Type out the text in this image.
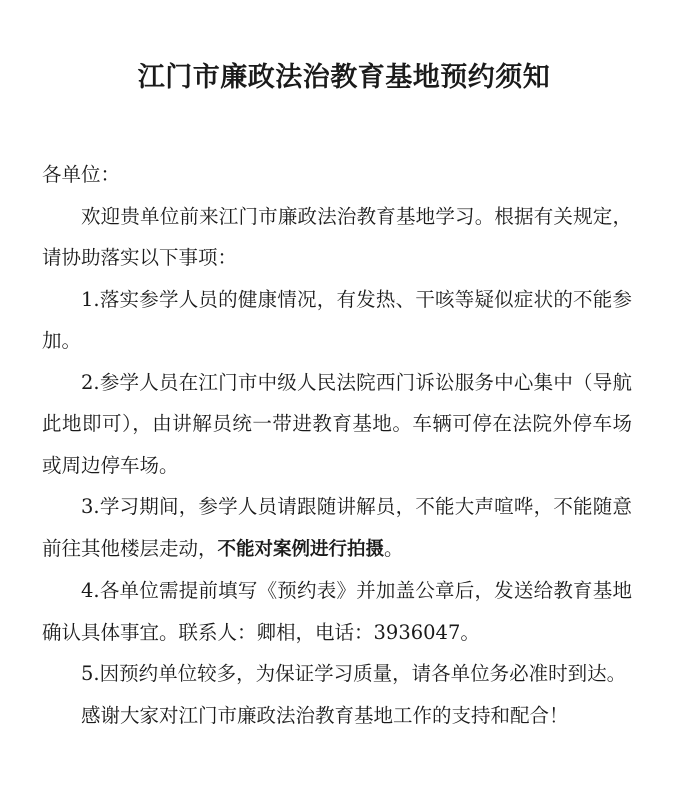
江门市廉政法治教育基地预约须知

各单位：

欢迎贵单位前来江门市廉政法治教育基地学习。根据有关规定，请协助落实以下事项：

1.落实参学人员的健康情况，有发热、干咳等疑似症状的不能参加。

2.参学人员在江门市中级人民法院西门诉讼服务中心集中（导航此地即可），由讲解员统一带进教育基地。车辆可停在法院外停车场或周边停车场。

3.学习期间，参学人员请跟随讲解员，不能大声喧哗，不能随意前往其他楼层走动，不能对案例进行拍摄。

4.各单位需提前填写《预约表》并加盖公章后，发送给教育基地确认具体事宜。联系人：卿相，电话：3936047。

5.因预约单位较多，为保证学习质量，请各单位务必准时到达。

感谢大家对江门市廉政法治教育基地工作的支持和配合！
